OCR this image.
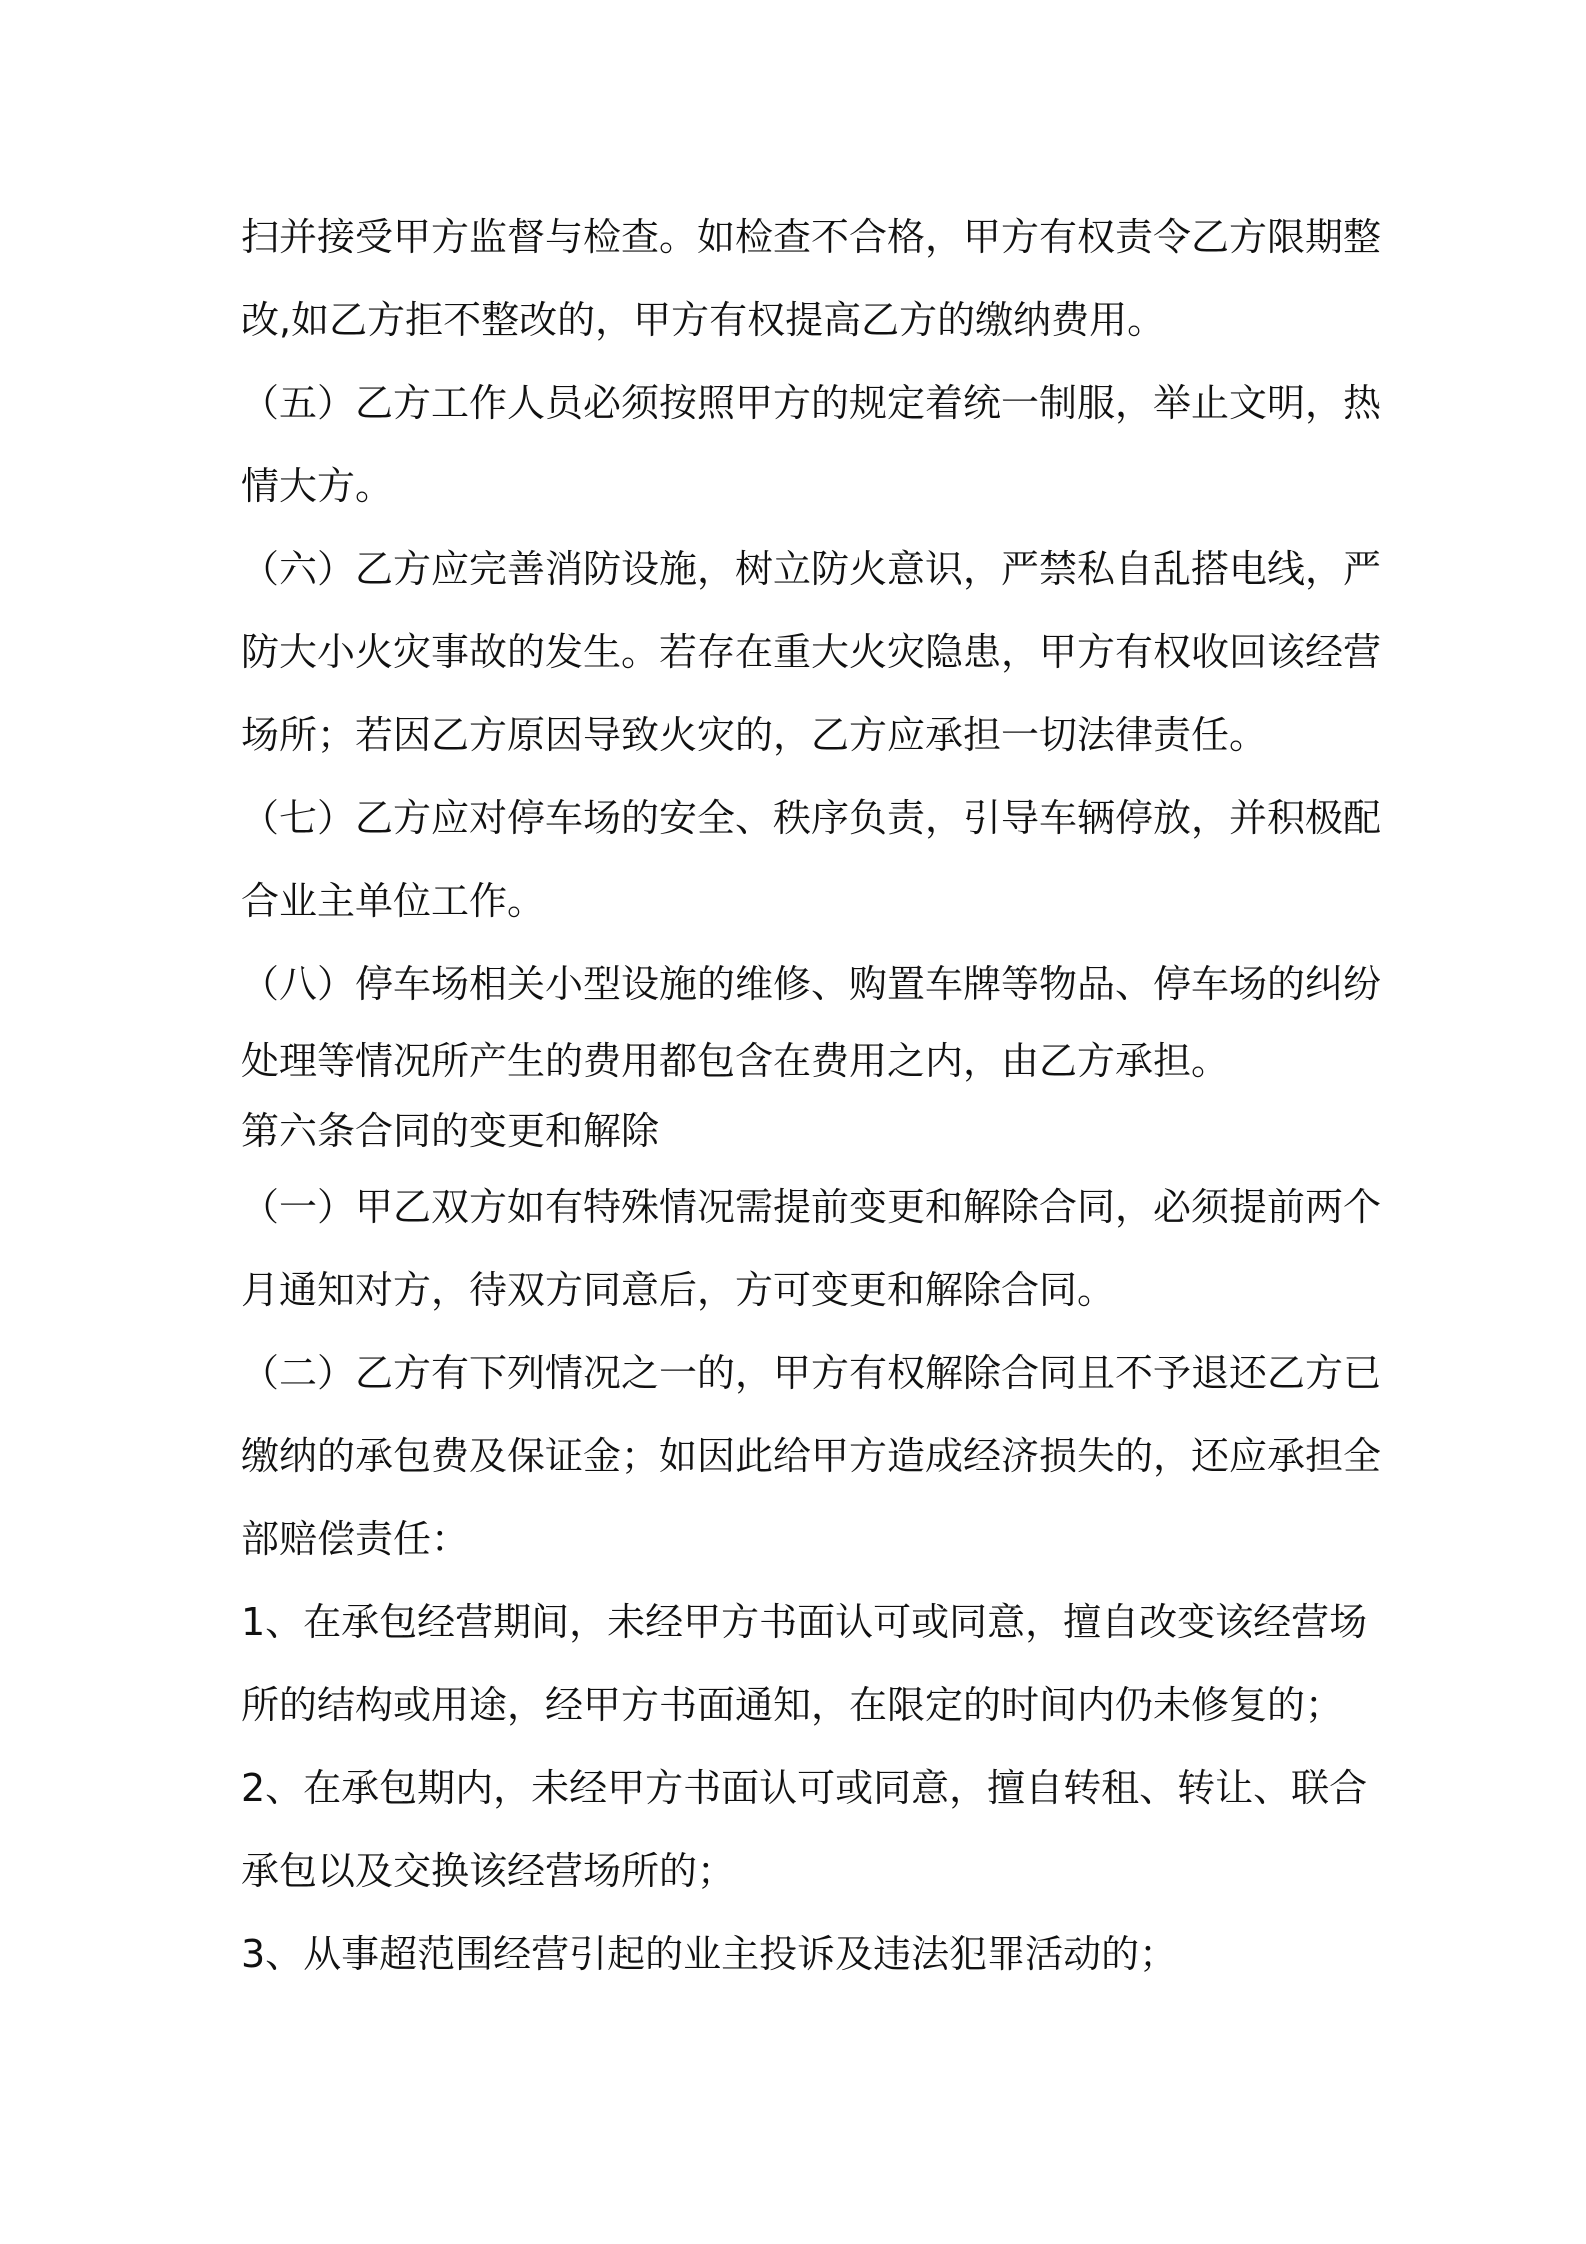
扫并接受甲方监督与检查。如检查不合格，甲方有权责令乙方限期整
改,如乙方拒不整改的，甲方有权提高乙方的缴纳费用。
（五）乙方工作人员必须按照甲方的规定着统一制服，举止文明，热
情大方。
（六）乙方应完善消防设施，树立防火意识，严禁私自乱搭电线，严
防大小火灾事故的发生。若存在重大火灾隐患，甲方有权收回该经营
场所；若因乙方原因导致火灾的，乙方应承担一切法律责任。
（七）乙方应对停车场的安全、秩序负责，引导车辆停放，并积极配
合业主单位工作。
（八）停车场相关小型设施的维修、购置车牌等物品、停车场的纠纷
处理等情况所产生的费用都包含在费用之内，由乙方承担。
第六条合同的变更和解除
（一）甲乙双方如有特殊情况需提前变更和解除合同，必须提前两个
月通知对方，待双方同意后，方可变更和解除合同。
（二）乙方有下列情况之一的，甲方有权解除合同且不予退还乙方已
缴纳的承包费及保证金；如因此给甲方造成经济损失的，还应承担全
部赔偿责任：
1、在承包经营期间，未经甲方书面认可或同意，擅自改变该经营场
所的结构或用途，经甲方书面通知，在限定的时间内仍未修复的；
2、在承包期内，未经甲方书面认可或同意，擅自转租、转让、联合
承包以及交换该经营场所的；
3、从事超范围经营引起的业主投诉及违法犯罪活动的；
